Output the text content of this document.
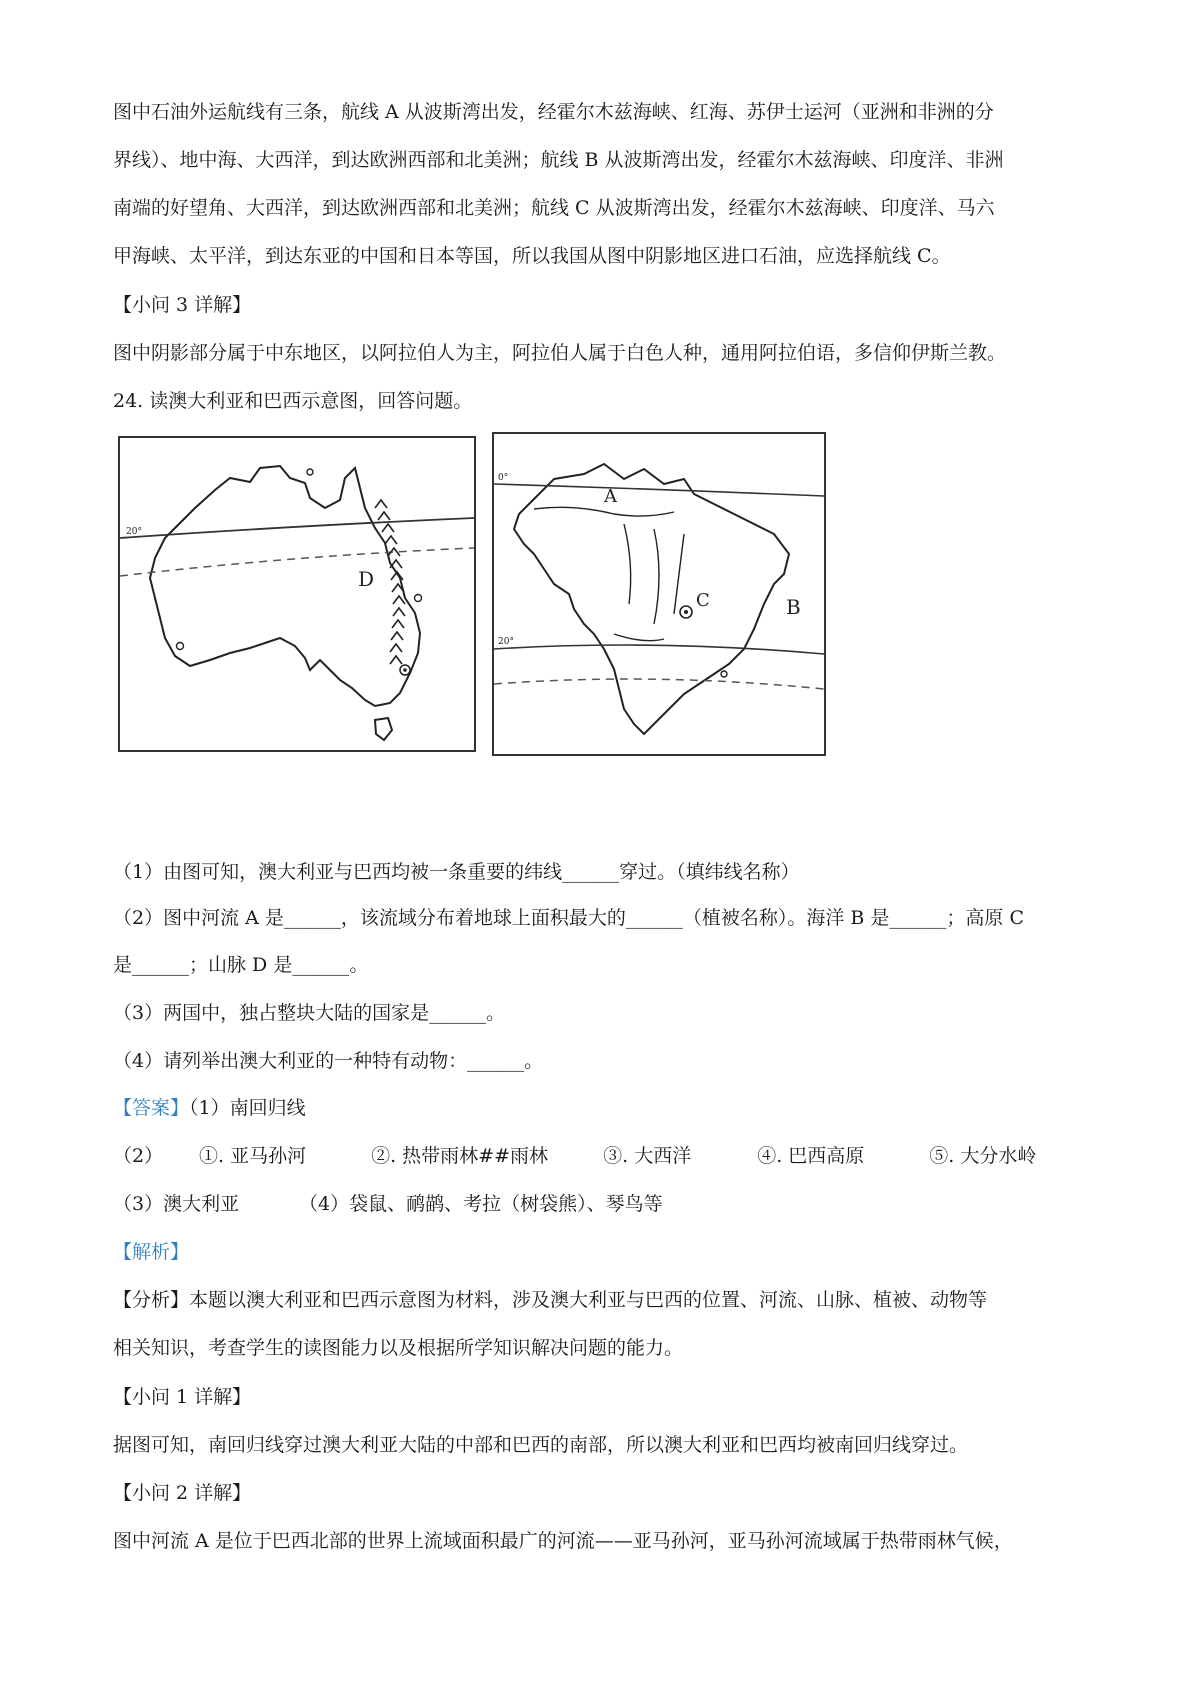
图中石油外运航线有三条，航线 A 从波斯湾出发，经霍尔木兹海峡、红海、苏伊士运河（亚洲和非洲的分
界线）、地中海、大西洋，到达欧洲西部和北美洲；航线 B 从波斯湾出发，经霍尔木兹海峡、印度洋、非洲
南端的好望角、大西洋，到达欧洲西部和北美洲；航线 C 从波斯湾出发，经霍尔木兹海峡、印度洋、马六
甲海峡、太平洋，到达东亚的中国和日本等国，所以我国从图中阴影地区进口石油，应选择航线 C。
【小问 3 详解】
图中阴影部分属于中东地区，以阿拉伯人为主，阿拉伯人属于白色人种，通用阿拉伯语，多信仰伊斯兰教。
24. 读澳大利亚和巴西示意图，回答问题。
D
20°
A
B
C
0°
20°
（1）由图可知，澳大利亚与巴西均被一条重要的纬线______穿过。（填纬线名称）
（2）图中河流 A 是______，该流域分布着地球上面积最大的______（植被名称）。海洋 B 是______；高原 C
是______；山脉 D 是______。
（3）两国中，独占整块大陆的国家是______。
（4）请列举出澳大利亚的一种特有动物：______。
【答案】（1）南回归线
（2） ①. 亚马孙河	②. 热带雨林##雨林	③. 大西洋	④. 巴西高原	⑤. 大分水岭
（3）澳大利亚	（4）袋鼠、鸸鹋、考拉（树袋熊）、琴鸟等
【解析】
【分析】本题以澳大利亚和巴西示意图为材料，涉及澳大利亚与巴西的位置、河流、山脉、植被、动物等
相关知识，考查学生的读图能力以及根据所学知识解决问题的能力。
【小问 1 详解】
据图可知，南回归线穿过澳大利亚大陆的中部和巴西的南部，所以澳大利亚和巴西均被南回归线穿过。
【小问 2 详解】
图中河流 A 是位于巴西北部的世界上流域面积最广的河流——亚马孙河，亚马孙河流域属于热带雨林气候，
